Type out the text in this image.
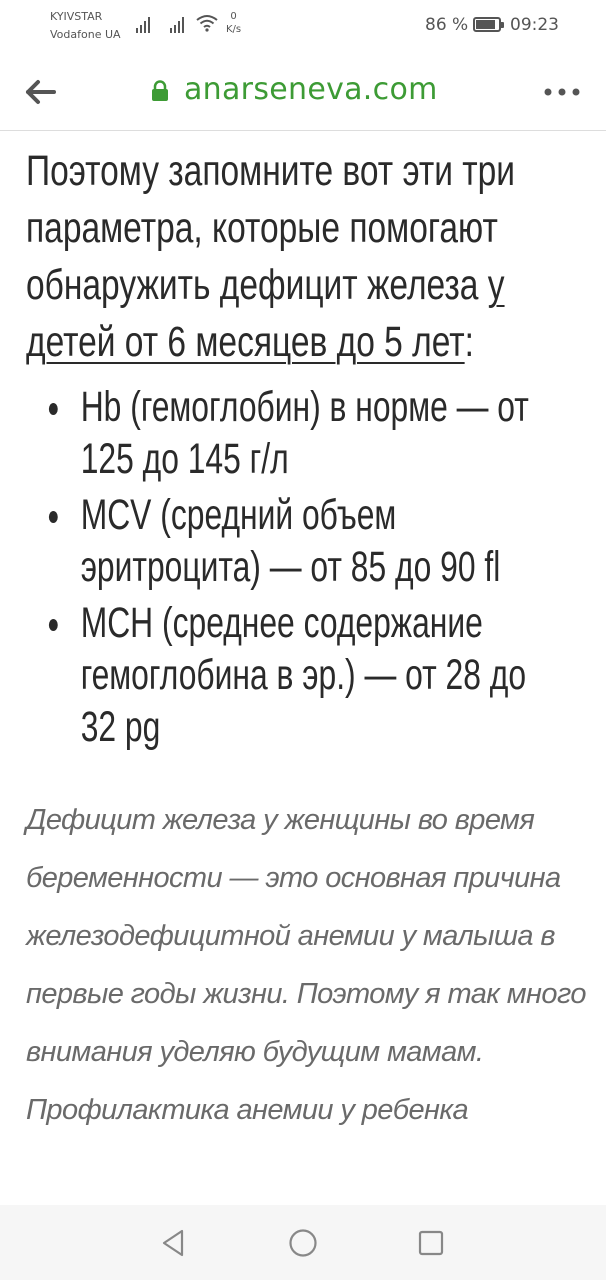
KYIVSTAR
Vodafone UA
0
K/s	86 % 09:23
anarseneva.com

Поэтому запомните вот эти три параметра, которые помогают обнаружить дефицит железа у детей от 6 месяцев до 5 лет:

Hb (гемоглобин) в норме — от 125 до 145 г/л
MCV (средний объем эритроцита) — от 85 до 90 fl
MCH (среднее содержание гемоглобина в эр.) — от 28 до 32 pg

Дефицит железа у женщины во время беременности — это основная причина железодефицитной анемии у малыша в первые годы жизни. Поэтому я так много внимания уделяю будущим мамам. Профилактика анемии у ребенка
